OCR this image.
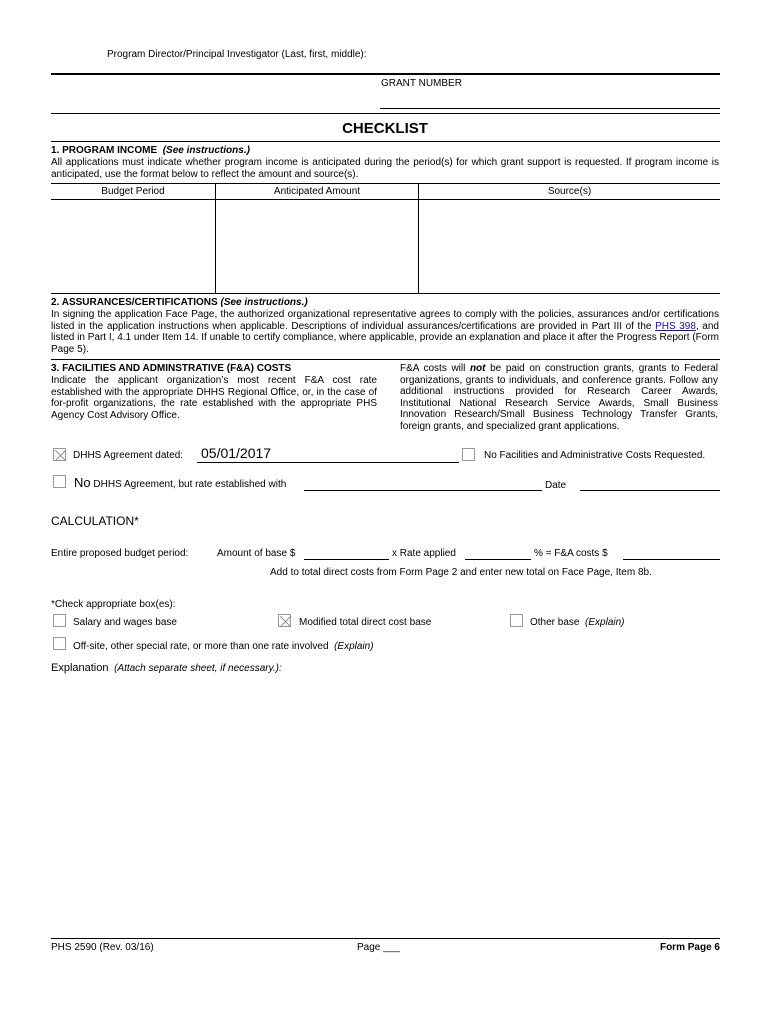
Program Director/Principal Investigator (Last, first, middle):
GRANT NUMBER
CHECKLIST
1. PROGRAM INCOME (See instructions.)
All applications must indicate whether program income is anticipated during the period(s) for which grant support is requested. If program income is anticipated, use the format below to reflect the amount and source(s).
Budget Period	Anticipated Amount	Source(s)

2. ASSURANCES/CERTIFICATIONS (See instructions.)
In signing the application Face Page, the authorized organizational representative agrees to comply with the policies, assurances and/or certifications listed in the application instructions when applicable. Descriptions of individual assurances/certifications are provided in Part III of the PHS 398, and listed in Part I, 4.1 under Item 14. If unable to certify compliance, where applicable, provide an explanation and place it after the Progress Report (Form Page 5).
3. FACILITIES AND ADMINSTRATIVE (F&A) COSTS
Indicate the applicant organization’s most recent F&A cost rate established with the appropriate DHHS Regional Office, or, in the case of for-profit organizations, the rate established with the appropriate PHS Agency Cost Advisory Office.
F&A costs will not be paid on construction grants, grants to Federal organizations, grants to individuals, and conference grants. Follow any additional instructions provided for Research Career Awards, Institutional National Research Service Awards, Small Business Innovation Research/Small Business Technology Transfer Grants, foreign grants, and specialized grant applications.
DHHS Agreement dated: 05/01/2017	No Facilities and Administrative Costs Requested.
No DHHS Agreement, but rate established with	Date
CALCULATION*
Entire proposed budget period:	Amount of base $	x Rate applied	% = F&A costs $
Add to total direct costs from Form Page 2 and enter new total on Face Page, Item 8b.
*Check appropriate box(es):
Salary and wages base	Modified total direct cost base	Other base (Explain)
Off-site, other special rate, or more than one rate involved (Explain)
Explanation (Attach separate sheet, if necessary.):
PHS 2590 (Rev. 03/16)	Page ___	Form Page 6
